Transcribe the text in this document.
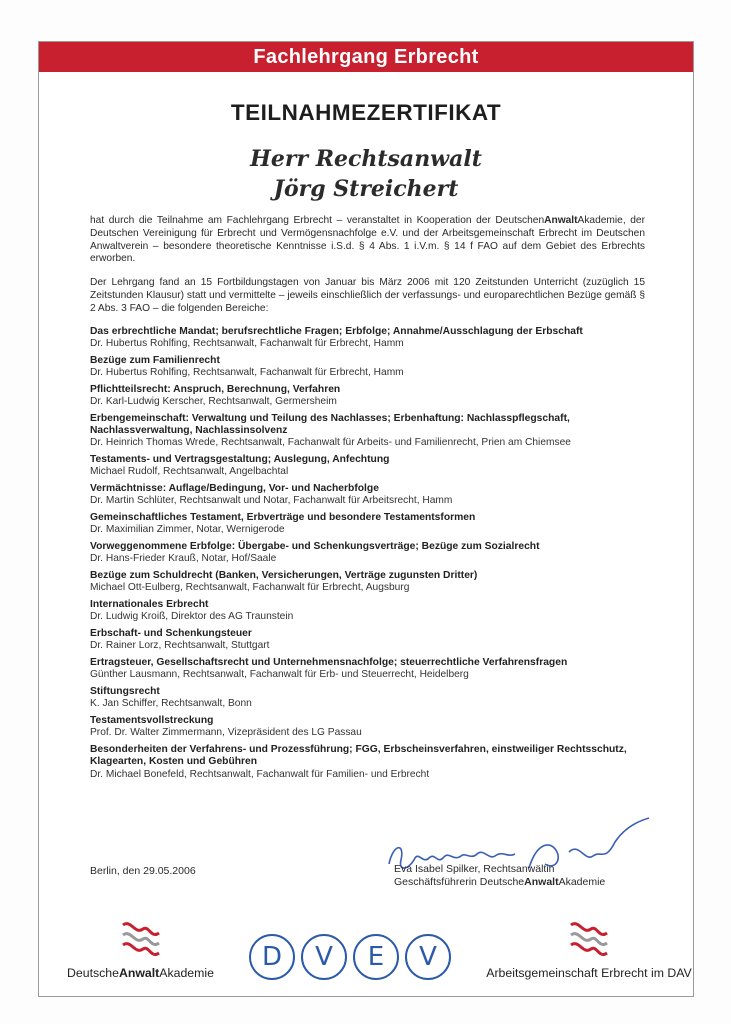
Fachlehrgang Erbrecht
TEILNAHMEZERTIFIKAT
Herr Rechtsanwalt
Jörg Streichert
hat durch die Teilnahme am Fachlehrgang Erbrecht – veranstaltet in Kooperation der DeutschenAnwaltAkademie, der Deutschen Vereinigung für Erbrecht und Vermögensnachfolge e.V. und der Arbeitsgemeinschaft Erbrecht im Deutschen Anwaltverein – besondere theoretische Kenntnisse i.S.d. § 4 Abs. 1 i.V.m. § 14 f FAO auf dem Gebiet des Erbrechts erworben.
Der Lehrgang fand an 15 Fortbildungstagen von Januar bis März 2006 mit 120 Zeitstunden Unterricht (zuzüglich 15 Zeitstunden Klausur) statt und vermittelte – jeweils einschließlich der verfassungs- und europarechtlichen Bezüge gemäß § 2 Abs. 3 FAO – die folgenden Bereiche:
Das erbrechtliche Mandat; berufsrechtliche Fragen; Erbfolge; Annahme/Ausschlagung der Erbschaft
Dr. Hubertus Rohlfing, Rechtsanwalt, Fachanwalt für Erbrecht, Hamm
Bezüge zum Familienrecht
Dr. Hubertus Rohlfing, Rechtsanwalt, Fachanwalt für Erbrecht, Hamm
Pflichtteilsrecht: Anspruch, Berechnung, Verfahren
Dr. Karl-Ludwig Kerscher, Rechtsanwalt, Germersheim
Erbengemeinschaft: Verwaltung und Teilung des Nachlasses; Erbenhaftung: Nachlasspflegschaft, Nachlassverwaltung, Nachlassinsolvenz
Dr. Heinrich Thomas Wrede, Rechtsanwalt, Fachanwalt für Arbeits- und Familienrecht, Prien am Chiemsee
Testaments- und Vertragsgestaltung; Auslegung, Anfechtung
Michael Rudolf, Rechtsanwalt, Angelbachtal
Vermächtnisse: Auflage/Bedingung, Vor- und Nacherbfolge
Dr. Martin Schlüter, Rechtsanwalt und Notar, Fachanwalt für Arbeitsrecht, Hamm
Gemeinschaftliches Testament, Erbverträge und besondere Testamentsformen
Dr. Maximilian Zimmer, Notar, Wernigerode
Vorweggenommene Erbfolge: Übergabe- und Schenkungsverträge; Bezüge zum Sozialrecht
Dr. Hans-Frieder Krauß, Notar, Hof/Saale
Bezüge zum Schuldrecht (Banken, Versicherungen, Verträge zugunsten Dritter)
Michael Ott-Eulberg, Rechtsanwalt, Fachanwalt für Erbrecht, Augsburg
Internationales Erbrecht
Dr. Ludwig Kroiß, Direktor des AG Traunstein
Erbschaft- und Schenkungsteuer
Dr. Rainer Lorz, Rechtsanwalt, Stuttgart
Ertragsteuer, Gesellschaftsrecht und Unternehmensnachfolge; steuerrechtliche Verfahrensfragen
Günther Lausmann, Rechtsanwalt, Fachanwalt für Erb- und Steuerrecht, Heidelberg
Stiftungsrecht
K. Jan Schiffer, Rechtsanwalt, Bonn
Testamentsvollstreckung
Prof. Dr. Walter Zimmermann, Vizepräsident des LG Passau
Besonderheiten der Verfahrens- und Prozessführung; FGG, Erbscheinsverfahren, einstweiliger Rechtsschutz, Klagearten, Kosten und Gebühren
Dr. Michael Bonefeld, Rechtsanwalt, Fachanwalt für Familien- und Erbrecht
Berlin, den 29.05.2006	Eva Isabel Spilker, Rechtsanwältin
Geschäftsführerin DeutscheAnwaltAkademie
DeutscheAnwaltAkademie
D	V	E	V
Arbeitsgemeinschaft Erbrecht im DAV
